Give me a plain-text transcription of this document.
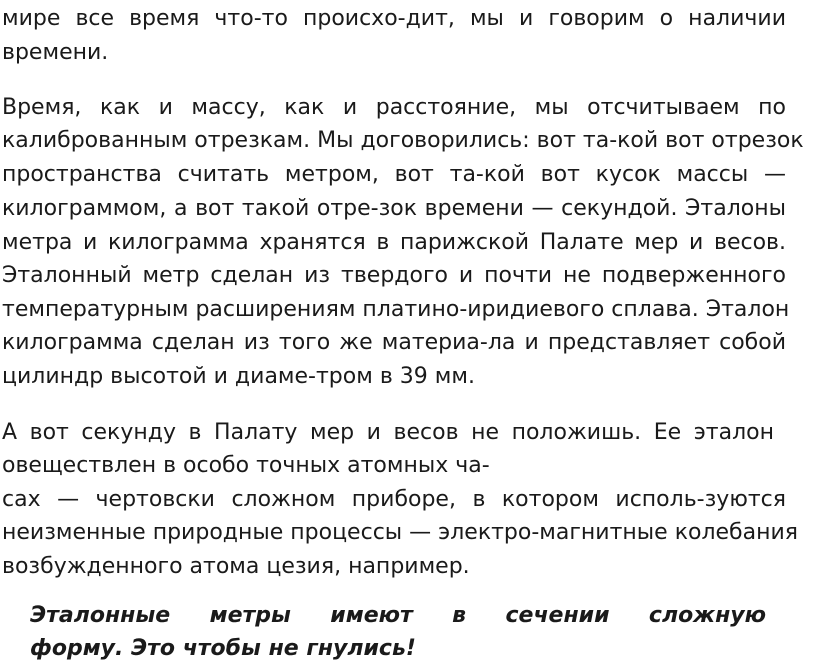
мире все время что-то происхо-дит, мы и говорим о наличии
времени.
Время, как и массу, как и расстояние, мы отсчитываем по
калиброванным отрезкам. Мы договорились: вот та-кой вот отрезок
пространства считать метром, вот та-кой вот кусок массы —
килограммом, а вот такой отре-зок времени — секундой. Эталоны
метра и килограмма хранятся в парижской Палате мер и весов.
Эталонный метр сделан из твердого и почти не подверженного
температурным расширениям платино-иридиевого сплава. Эталон
килограмма сделан из того же материа-ла и представляет собой
цилиндр высотой и диаме-тром в 39 мм.
А вот секунду в Палату мер и весов не положишь. Ее эталон
овеществлен в особо точных атомных ча-
сах — чертовски сложном приборе, в котором исполь-зуются
неизменные природные процессы — электро-магнитные колебания
возбужденного атома цезия, например.
Эталонные метры имеют в сечении сложную
форму. Это чтобы не гнулись!
